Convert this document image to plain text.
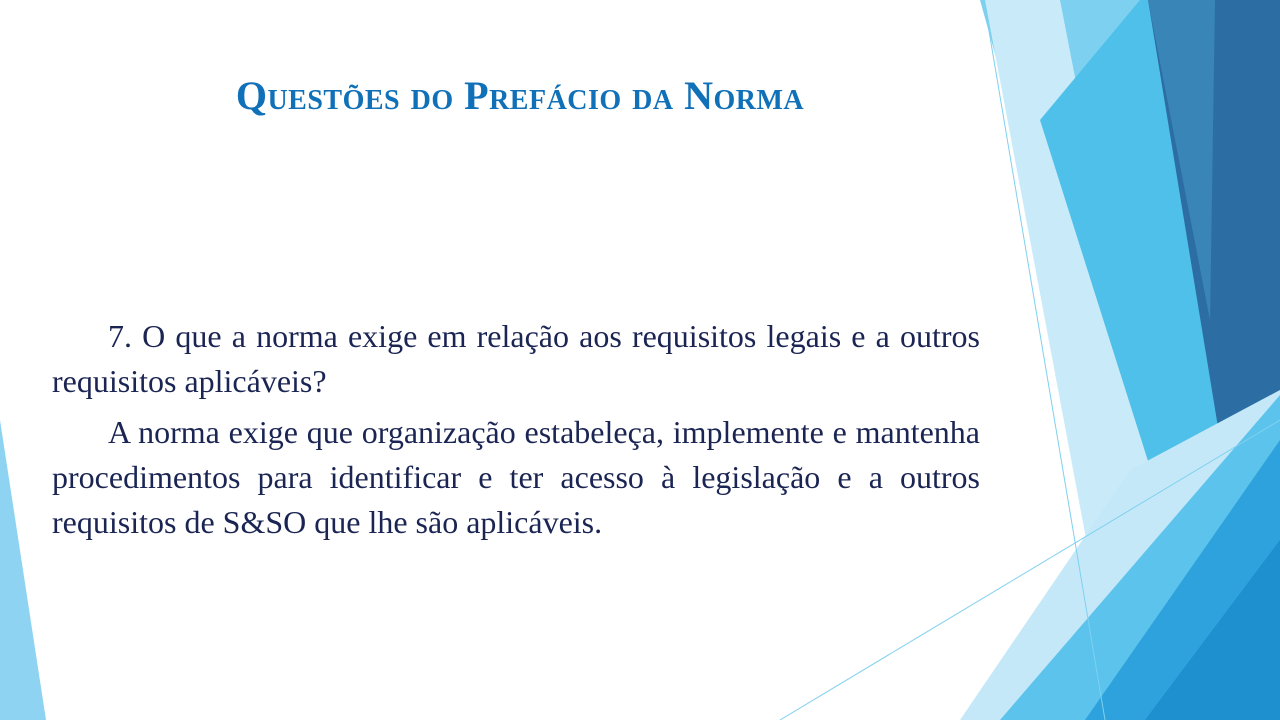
Questões do Prefácio da Norma

7. O que a norma exige em relação aos requisitos legais e a outros requisitos aplicáveis?

A norma exige que organização estabeleça, implemente e mantenha procedimentos para identificar e ter acesso à legislação e a outros requisitos de S&SO que lhe são aplicáveis.
